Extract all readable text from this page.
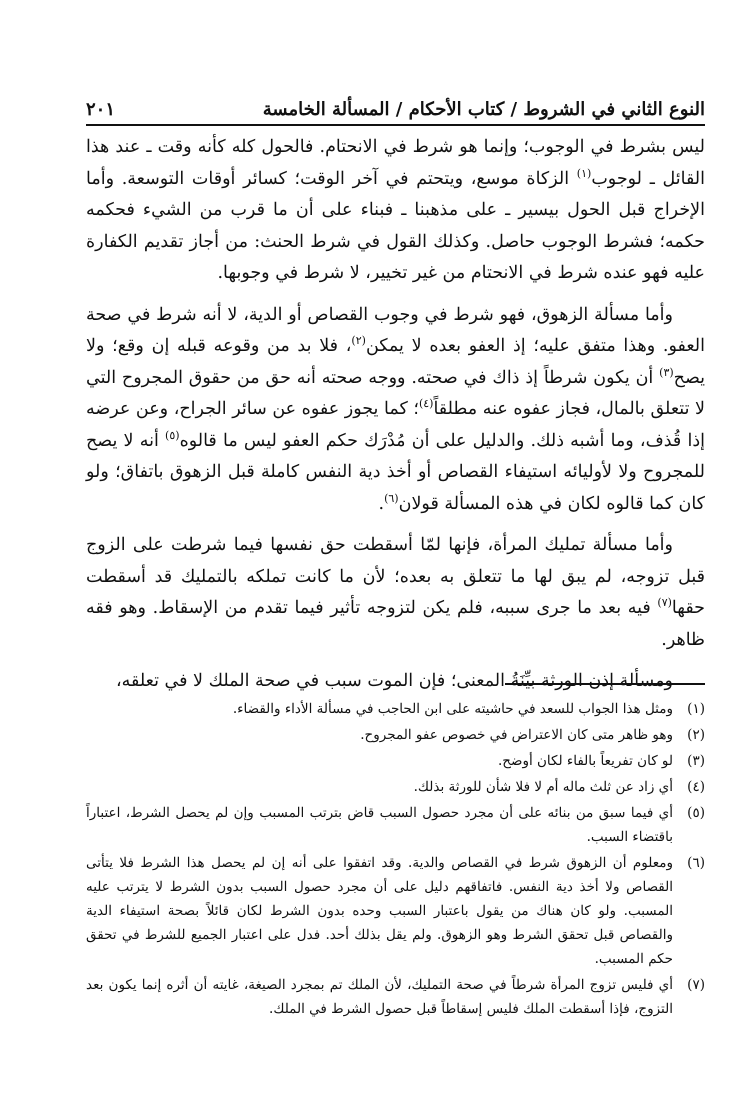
النوع الثاني في الشروط / كتاب الأحكام / المسألة الخامسة
٢٠١

ليس بشرط في الوجوب؛ وإنما هو شرط في الانحتام. فالحول كله كأنه وقت ـ عند هذا القائل ـ لوجوب$^{(١)}$ الزكاة موسع، ويتحتم في آخر الوقت؛ كسائر أوقات التوسعة. وأما الإخراج قبل الحول بيسير ـ على مذهبنا ـ فبناء على أن ما قرب من الشيء فحكمه حكمه؛ فشرط الوجوب حاصل. وكذلك القول في شرط الحنث: من أجاز تقديم الكفارة عليه فهو عنده شرط في الانحتام من غير تخيير، لا شرط في وجوبها.

وأما مسألة الزهوق، فهو شرط في وجوب القصاص أو الدية، لا أنه شرط في صحة العفو. وهذا متفق عليه؛ إذ العفو بعده لا يمكن$^{(٢)}$، فلا بد من وقوعه قبله إن وقع؛ ولا يصح$^{(٣)}$ أن يكون شرطاً إذ ذاك في صحته. ووجه صحته أنه حق من حقوق المجروح التي لا تتعلق بالمال، فجاز عفوه عنه مطلقاً$^{(٤)}$؛ كما يجوز عفوه عن سائر الجراح، وعن عرضه إذا قُذف، وما أشبه ذلك. والدليل على أن مُدْرَك حكم العفو ليس ما قالوه$^{(٥)}$ أنه لا يصح للمجروح ولا لأوليائه استيفاء القصاص أو أخذ دية النفس كاملة قبل الزهوق باتفاق؛ ولو كان كما قالوه لكان في هذه المسألة قولان$^{(٦)}$.

وأما مسألة تمليك المرأة، فإنها لمّا أسقطت حق نفسها فيما شرطت على الزوج قبل تزوجه، لم يبق لها ما تتعلق به بعده؛ لأن ما كانت تملكه بالتمليك قد أسقطت حقها$^{(٧)}$ فيه بعد ما جرى سببه، فلم يكن لتزوجه تأثير فيما تقدم من الإسقاط. وهو فقه ظاهر.

ومسألة إذن الورثة بيِّنَةُ المعنى؛ فإن الموت سبب في صحة الملك لا في تعلقه،

(١)
ومثل هذا الجواب للسعد في حاشيته على ابن الحاجب في مسألة الأداء والقضاء.
(٢)
وهو ظاهر متى كان الاعتراض في خصوص عفو المجروح.
(٣)
لو كان تفريعاً بالفاء لكان أوضح.
(٤)
أي زاد عن ثلث ماله أم لا فلا شأن للورثة بذلك.
(٥)
أي فيما سبق من بنائه على أن مجرد حصول السبب قاض بترتب المسبب وإن لم يحصل الشرط، اعتباراً باقتضاء السبب.
(٦)
ومعلوم أن الزهوق شرط في القصاص والدية. وقد اتفقوا على أنه إن لم يحصل هذا الشرط فلا يتأتى القصاص ولا أخذ دية النفس. فاتفاقهم دليل على أن مجرد حصول السبب بدون الشرط لا يترتب عليه المسبب. ولو كان هناك من يقول باعتبار السبب وحده بدون الشرط لكان قائلاً بصحة استيفاء الدية والقصاص قبل تحقق الشرط وهو الزهوق. ولم يقل بذلك أحد. فدل على اعتبار الجميع للشرط في تحقق حكم المسبب.
(٧)
أي فليس تزوج المرأة شرطاً في صحة التمليك، لأن الملك تم بمجرد الصيغة، غايته أن أثره إنما يكون بعد التزوج، فإذا أسقطت الملك فليس إسقاطاً قبل حصول الشرط في الملك.
